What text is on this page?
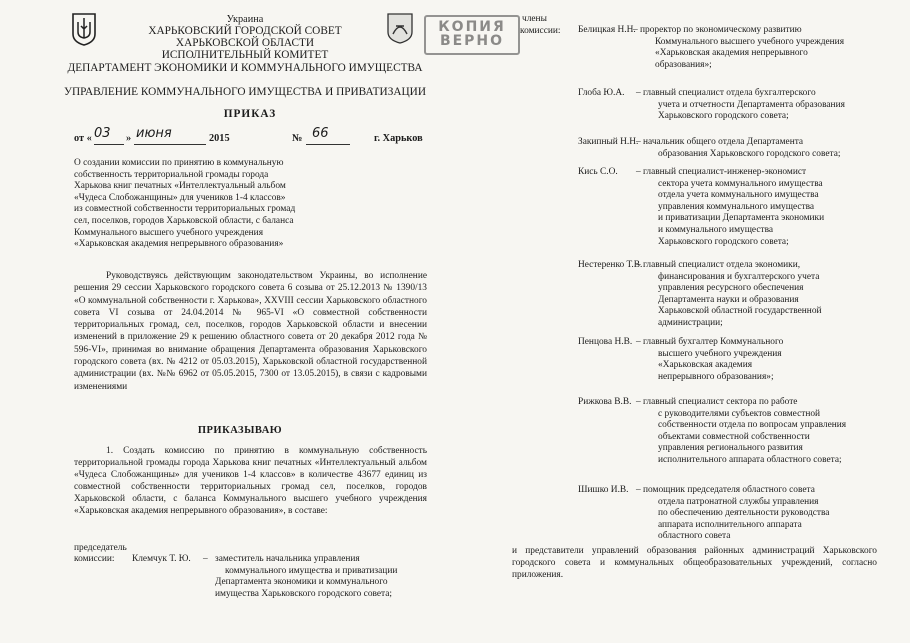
Украина
ХАРЬКОВСКИЙ ГОРОДСКОЙ СОВЕТ
ХАРЬКОВСКОЙ ОБЛАСТИ
ИСПОЛНИТЕЛЬНЫЙ КОМИТЕТ
ДЕПАРТАМЕНТ ЭКОНОМИКИ И КОММУНАЛЬНОГО ИМУЩЕСТВА
УПРАВЛЕНИЕ КОММУНАЛЬНОГО ИМУЩЕСТВА И ПРИВАТИЗАЦИИ
ПРИКАЗ
от « 03 » июня	2015	№ 66	г. Харьков
О создании комиссии по принятию в коммунальную
собственность территориальной громады города
Харькова книг печатных «Интеллектуальный альбом
«Чудеса Слобожанщины» для учеников 1-4 классов»
из совместной собственности территориальных громад
сел, поселков, городов Харьковской области, с баланса
Коммунального высшего учебного учреждения
«Харьковская академия непрерывного образования»
Руководствуясь действующим законодательством Украины, во исполнение решения 29 сессии Харьковского городского совета 6 созыва от 25.12.2013 № 1390/13 «О коммунальной собственности г. Харькова», XXVIII сессии Харьковского областного совета VI созыва от 24.04.2014 № 965-VI «О совместной собственности территориальных громад, сел, поселков, городов Харьковской области и внесении изменений в приложение 29 к решению областного совета от 20 декабря 2012 года № 596-VI», принимая во внимание обращения Департамента образования Харьковского городского совета (вх. № 4212 от 05.03.2015), Харьковской областной государственной администрации (вх. №№ 6962 от 05.05.2015, 7300 от 13.05.2015), в связи с кадровыми изменениями
ПРИКАЗЫВАЮ
1. Создать комиссию по принятию в коммунальную собственность территориальной громады города Харькова книг печатных «Интеллектуальный альбом «Чудеса Слобожанщины» для учеников 1-4 классов» в количестве 43677 единиц из совместной собственности территориальных громад сел, поселков, городов Харьковской области, с баланса Коммунального высшего учебного учреждения «Харьковская академия непрерывного образования», в составе:
председатель
комиссии: Клемчук Т. Ю. – заместитель начальника управления
коммунального имущества и приватизации
Департамента экономики и коммунального
имущества Харьковского городского совета;
КОПИЯ
ВЕРНО
члены
комиссии:	Белицкая Н.Н.
– проректор по экономическому развитию
Коммунального высшего учебного учреждения
«Харьковская академия непрерывного
образования»;
Глоба Ю.А. – главный специалист отдела бухгалтерского
учета и отчетности Департамента образования
Харьковского городского совета;
Закипный Н.Н.
– начальник общего отдела Департамента
образования Харьковского городского совета;
Кись С.О. – главный специалист-инженер-экономист
сектора учета коммунального имущества
отдела учета коммунального имущества
управления коммунального имущества
и приватизации Департамента экономики
и коммунального имущества
Харьковского городского совета;
Нестеренко Т.В.
– главный специалист отдела экономики,
финансирования и бухгалтерского учета
управления ресурсного обеспечения
Департамента науки и образования
Харьковской областной государственной
администрации;
Пенцова Н.В. – главный бухгалтер Коммунального
высшего учебного учреждения
«Харьковская академия
непрерывного образования»;
Рижкова В.В. – главный специалист сектора по работе
с руководителями субъектов совместной
собственности отдела по вопросам управления
объектами совместной собственности
управления регионального развития
исполнительного аппарата областного совета;
Шишко И.В. – помощник председателя областного совета
отдела патронатной службы управления
по обеспечению деятельности руководства
аппарата исполнительного аппарата
областного совета
и представители управлений образования районных администраций Харьковского городского совета и коммунальных общеобразовательных учреждений, согласно приложения.
